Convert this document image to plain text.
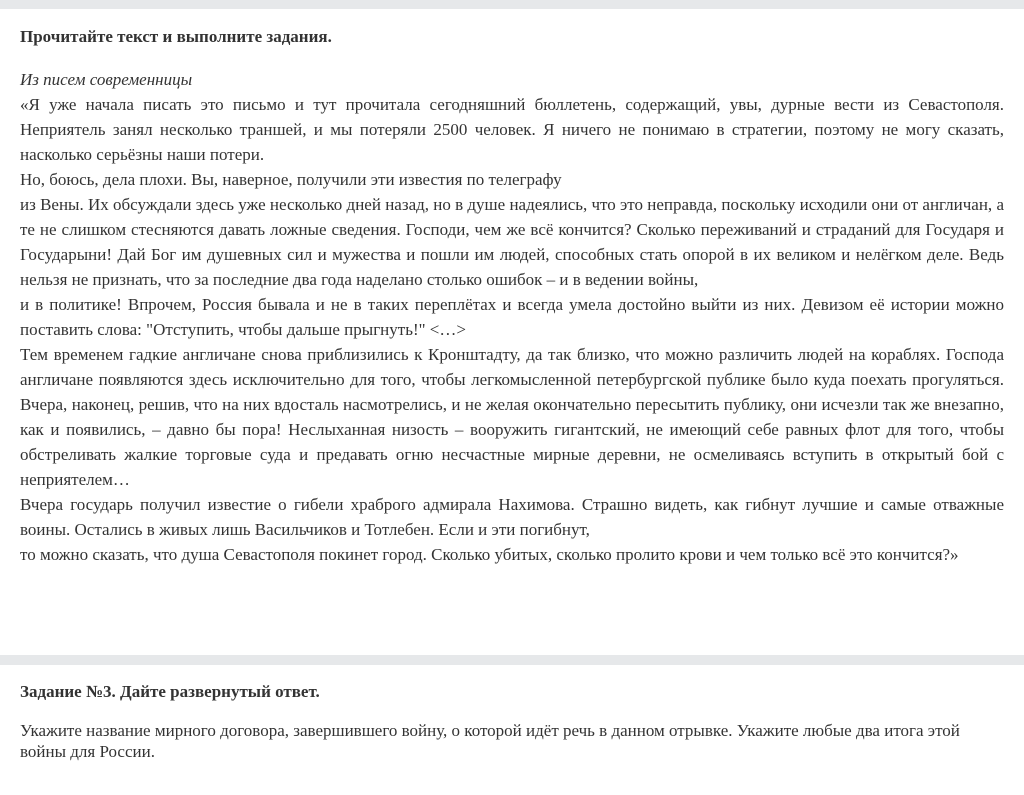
Прочитайте текст и выполните задания.

Из писем современницы

«Я уже начала писать это письмо и тут прочитала сегодняшний бюллетень, содержащий, увы, дурные вести из Севастополя. Неприятель занял несколько траншей, и мы потеряли 2500 человек. Я ничего не понимаю в стратегии, поэтому не могу сказать, насколько серьёзны наши потери.

Но, боюсь, дела плохи. Вы, наверное, получили эти известия по телеграфу

из Вены. Их обсуждали здесь уже несколько дней назад, но в душе надеялись, что это неправда, поскольку исходили они от англичан, а те не слишком стесняются давать ложные сведения. Господи, чем же всё кончится? Сколько переживаний и страданий для Государя и Государыни! Дай Бог им душевных сил и мужества и пошли им людей, способных стать опорой в их великом и нелёгком деле. Ведь нельзя не признать, что за последние два года наделано столько ошибок – и в ведении войны,

и в политике! Впрочем, Россия бывала и не в таких переплётах и всегда умела достойно выйти из них. Девизом её истории можно поставить слова: "Отступить, чтобы дальше прыгнуть!" <…>

Тем временем гадкие англичане снова приблизились к Кронштадту, да так близко, что можно различить людей на кораблях. Господа англичане появляются здесь исключительно для того, чтобы легкомысленной петербургской публике было куда поехать прогуляться. Вчера, наконец, решив, что на них вдосталь насмотрелись, и не желая окончательно пересытить публику, они исчезли так же внезапно, как и появились, – давно бы пора! Неслыханная низость – вооружить гигантский, не имеющий себе равных флот для того, чтобы обстреливать жалкие торговые суда и предавать огню несчастные мирные деревни, не осмеливаясь вступить в открытый бой с неприятелем…

Вчера государь получил известие о гибели храброго адмирала Нахимова. Страшно видеть, как гибнут лучшие и самые отважные воины. Остались в живых лишь Васильчиков и Тотлебен. Если и эти погибнут,

то можно сказать, что душа Севастополя покинет город. Сколько убитых, сколько пролито крови и чем только всё это кончится?»

Задание №3. Дайте развернутый ответ.

Укажите название мирного договора, завершившего войну, о которой идёт речь в данном отрывке. Укажите любые два итога этой войны для России.
